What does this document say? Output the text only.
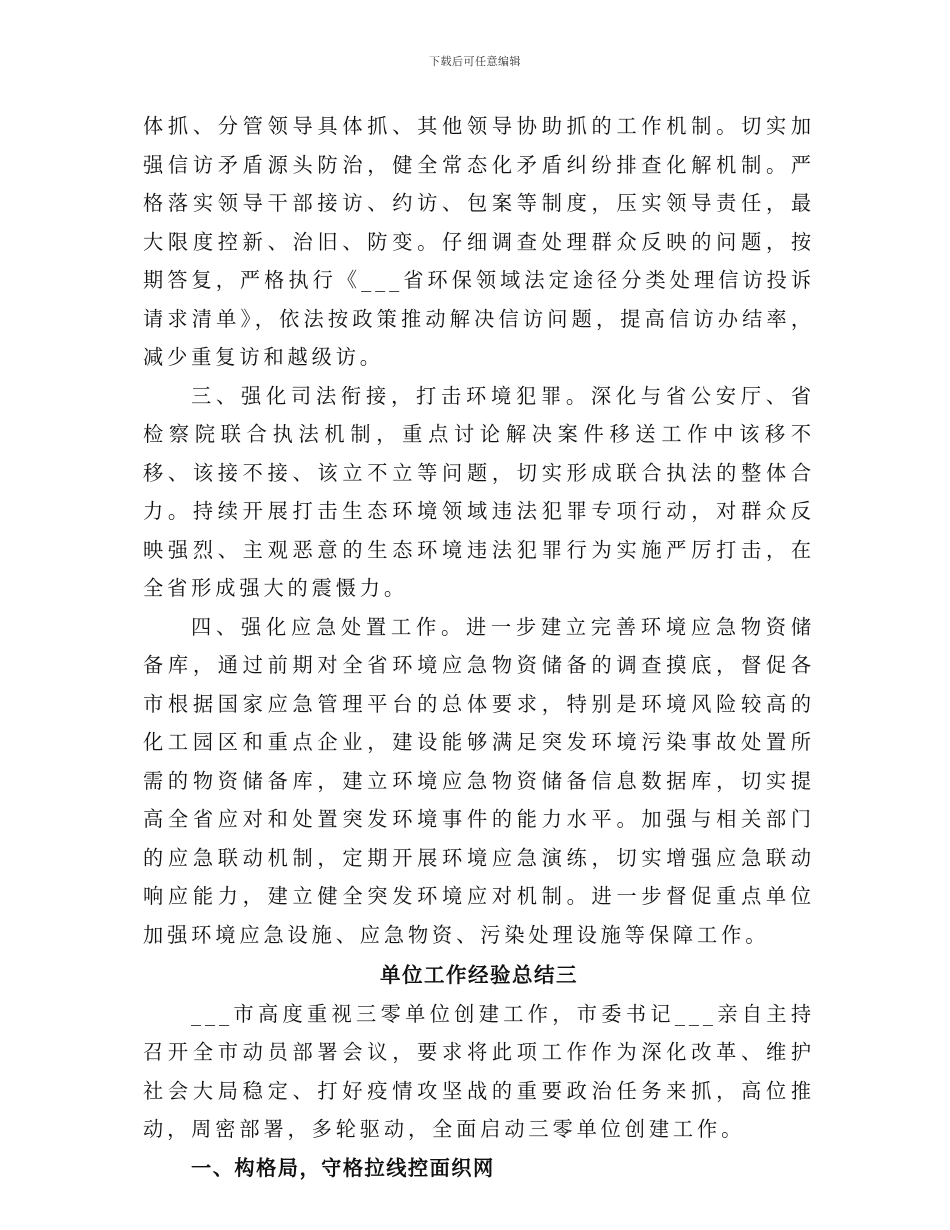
下载后可任意编辑

体抓、分管领导具体抓、其他领导协助抓的工作机制。切实加强信访矛盾源头防治，健全常态化矛盾纠纷排查化解机制。严格落实领导干部接访、约访、包案等制度，压实领导责任，最大限度控新、治旧、防变。仔细调查处理群众反映的问题，按期答复，严格执行《___省环保领域法定途径分类处理信访投诉请求清单》，依法按政策推动解决信访问题，提高信访办结率，减少重复访和越级访。

三、强化司法衔接，打击环境犯罪。深化与省公安厅、省检察院联合执法机制，重点讨论解决案件移送工作中该移不移、该接不接、该立不立等问题，切实形成联合执法的整体合力。持续开展打击生态环境领域违法犯罪专项行动，对群众反映强烈、主观恶意的生态环境违法犯罪行为实施严厉打击，在全省形成强大的震慑力。

四、强化应急处置工作。进一步建立完善环境应急物资储备库，通过前期对全省环境应急物资储备的调查摸底，督促各市根据国家应急管理平台的总体要求，特别是环境风险较高的化工园区和重点企业，建设能够满足突发环境污染事故处置所需的物资储备库，建立环境应急物资储备信息数据库，切实提高全省应对和处置突发环境事件的能力水平。加强与相关部门的应急联动机制，定期开展环境应急演练，切实增强应急联动响应能力，建立健全突发环境应对机制。进一步督促重点单位加强环境应急设施、应急物资、污染处理设施等保障工作。

单位工作经验总结三

___市高度重视三零单位创建工作，市委书记___亲自主持召开全市动员部署会议，要求将此项工作作为深化改革、维护社会大局稳定、打好疫情攻坚战的重要政治任务来抓，高位推动，周密部署，多轮驱动，全面启动三零单位创建工作。

一、构格局，守格拉线控面织网
